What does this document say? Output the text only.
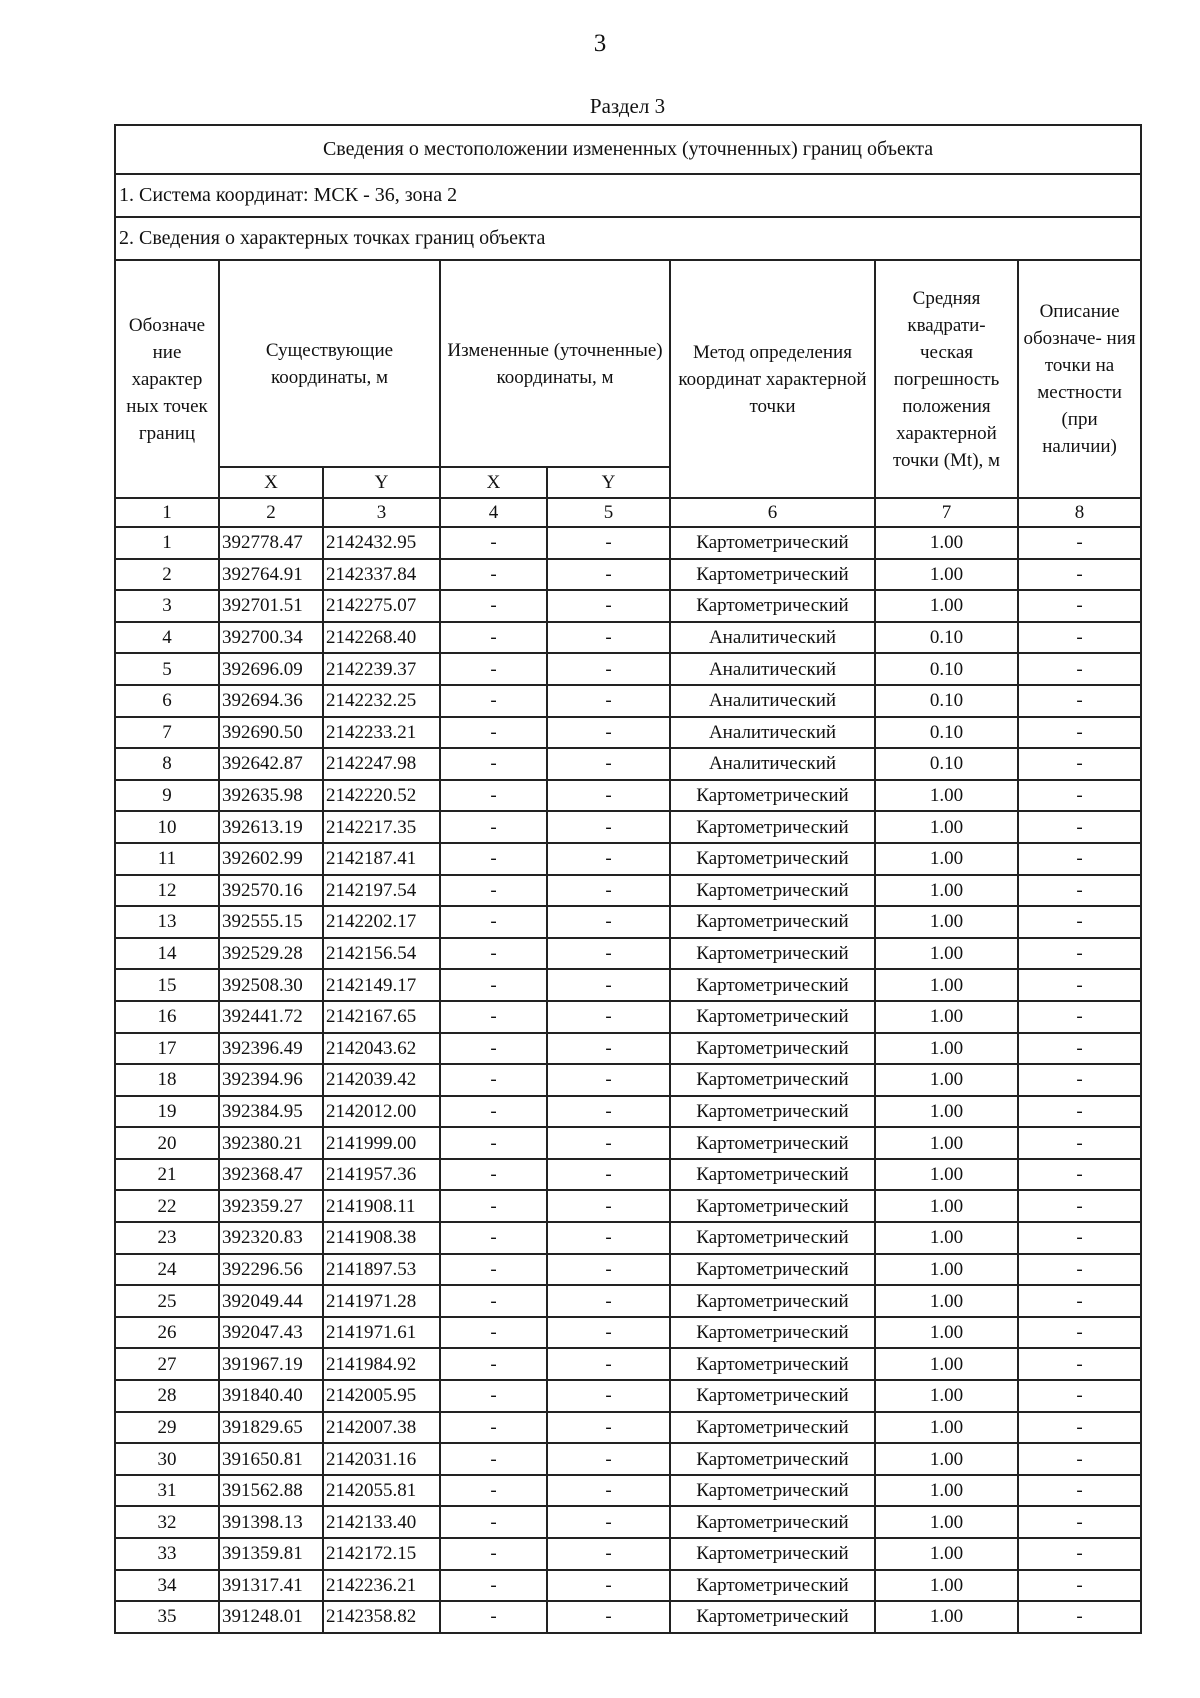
3
Раздел 3
Сведения о местоположении измененных (уточненных) границ объекта							
1. Система координат: МСК - 36, зона 2							
2. Сведения о характерных точках границ объекта							
Обозначе ние характер ных точек границ	Существующие координаты, м		Измененные (уточненные) координаты, м		Метод определения координат характерной точки	Средняя квадрати- ческая погрешность положения характерной точки (Mt), м	Описание обозначе- ния точки на местности (при наличии)
	X	Y	X	Y			
1	2	3	4	5	6	7	8
1	392778.47	2142432.95	-	-	Картометрический	1.00	-
2	392764.91	2142337.84	-	-	Картометрический	1.00	-
3	392701.51	2142275.07	-	-	Картометрический	1.00	-
4	392700.34	2142268.40	-	-	Аналитический	0.10	-
5	392696.09	2142239.37	-	-	Аналитический	0.10	-
6	392694.36	2142232.25	-	-	Аналитический	0.10	-
7	392690.50	2142233.21	-	-	Аналитический	0.10	-
8	392642.87	2142247.98	-	-	Аналитический	0.10	-
9	392635.98	2142220.52	-	-	Картометрический	1.00	-
10	392613.19	2142217.35	-	-	Картометрический	1.00	-
11	392602.99	2142187.41	-	-	Картометрический	1.00	-
12	392570.16	2142197.54	-	-	Картометрический	1.00	-
13	392555.15	2142202.17	-	-	Картометрический	1.00	-
14	392529.28	2142156.54	-	-	Картометрический	1.00	-
15	392508.30	2142149.17	-	-	Картометрический	1.00	-
16	392441.72	2142167.65	-	-	Картометрический	1.00	-
17	392396.49	2142043.62	-	-	Картометрический	1.00	-
18	392394.96	2142039.42	-	-	Картометрический	1.00	-
19	392384.95	2142012.00	-	-	Картометрический	1.00	-
20	392380.21	2141999.00	-	-	Картометрический	1.00	-
21	392368.47	2141957.36	-	-	Картометрический	1.00	-
22	392359.27	2141908.11	-	-	Картометрический	1.00	-
23	392320.83	2141908.38	-	-	Картометрический	1.00	-
24	392296.56	2141897.53	-	-	Картометрический	1.00	-
25	392049.44	2141971.28	-	-	Картометрический	1.00	-
26	392047.43	2141971.61	-	-	Картометрический	1.00	-
27	391967.19	2141984.92	-	-	Картометрический	1.00	-
28	391840.40	2142005.95	-	-	Картометрический	1.00	-
29	391829.65	2142007.38	-	-	Картометрический	1.00	-
30	391650.81	2142031.16	-	-	Картометрический	1.00	-
31	391562.88	2142055.81	-	-	Картометрический	1.00	-
32	391398.13	2142133.40	-	-	Картометрический	1.00	-
33	391359.81	2142172.15	-	-	Картометрический	1.00	-
34	391317.41	2142236.21	-	-	Картометрический	1.00	-
35	391248.01	2142358.82	-	-	Картометрический	1.00	-
